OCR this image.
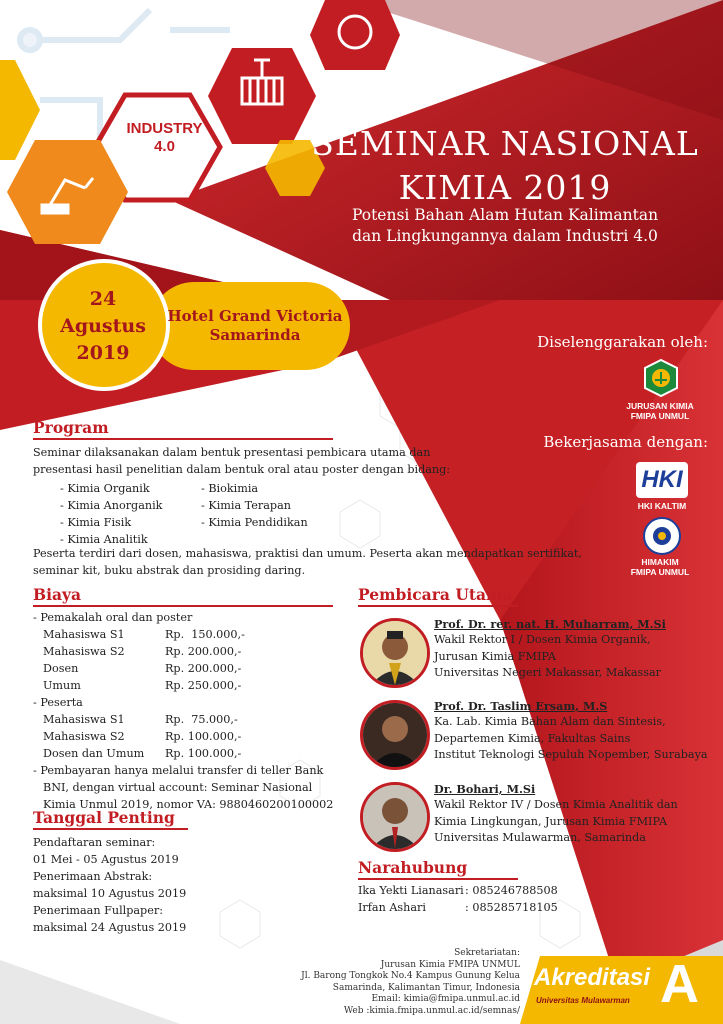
INDUSTRY
4.0	SEMINAR NASIONAL
KIMIA 2019
Potensi Bahan Alam Hutan Kalimantan
dan Lingkungannya dalam Industri 4.0
24
Agustus
2019
Hotel Grand Victoria
Samarinda	Diselenggarakan oleh:
JURUSAN KIMIA
FMIPA UNMUL
Bekerjasama dengan:
HKI
HKI KALTIM
HIMAKIM
FMIPA UNMUL
Program
Seminar dilaksanakan dalam bentuk presentasi pembicara utama dan
presentasi hasil penelitian dalam bentuk oral atau poster dengan bidang:
- Kimia Organik
- Kimia Anorganik
- Kimia Fisik
- Kimia Analitik
- Biokimia
- Kimia Terapan
- Kimia Pendidikan
Peserta terdiri dari dosen, mahasiswa, praktisi dan umum. Peserta akan mendapatkan sertifikat,
seminar kit, buku abstrak dan prosiding daring.
Biaya
- Pemakalah oral dan poster
Mahasiswa S1	Rp.  150.000,-
Mahasiswa S2	Rp. 200.000,-
Dosen	Rp. 200.000,-
Umum	Rp. 250.000,-
- Peserta
Mahasiswa S1	Rp.  75.000,-
Mahasiswa S2	Rp. 100.000,-
Dosen dan Umum Rp. 100.000,-
- Pembayaran hanya melalui transfer di teller Bank
BNI, dengan virtual account: Seminar Nasional
Kimia Unmul 2019, nomor VA: 9880460200100002
Tanggal Penting
Pendaftaran seminar:
01 Mei - 05 Agustus 2019
Penerimaan Abstrak:
maksimal 10 Agustus 2019
Penerimaan Fullpaper:
maksimal 24 Agustus 2019
Pembicara Utama
Prof. Dr. rer. nat. H. Muharram, M.Si
Wakil Rektor I / Dosen Kimia Organik,
Jurusan Kimia FMIPA
Universitas Negeri Makassar, Makassar
Prof. Dr. Taslim Ersam, M.S
Ka. Lab. Kimia Bahan Alam dan Sintesis,
Departemen Kimia, Fakultas Sains
Institut Teknologi Sepuluh Nopember, Surabaya
Dr. Bohari, M.Si
Wakil Rektor IV / Dosen Kimia Analitik dan
Kimia Lingkungan, Jurusan Kimia FMIPA
Universitas Mulawarman, Samarinda
Narahubung
Ika Yekti Lianasari: 085246788508
Irfan Ashari	: 085285718105
Sekretariatan:
Jurusan Kimia FMIPA UNMUL
Jl. Barong Tongkok No.4 Kampus Gunung Kelua
Samarinda, Kalimantan Timur, Indonesia
Email: kimia@fmipa.unmul.ac.id
Web :kimia.fmipa.unmul.ac.id/semnas/
Akreditasi A
Universitas Mulawarman
